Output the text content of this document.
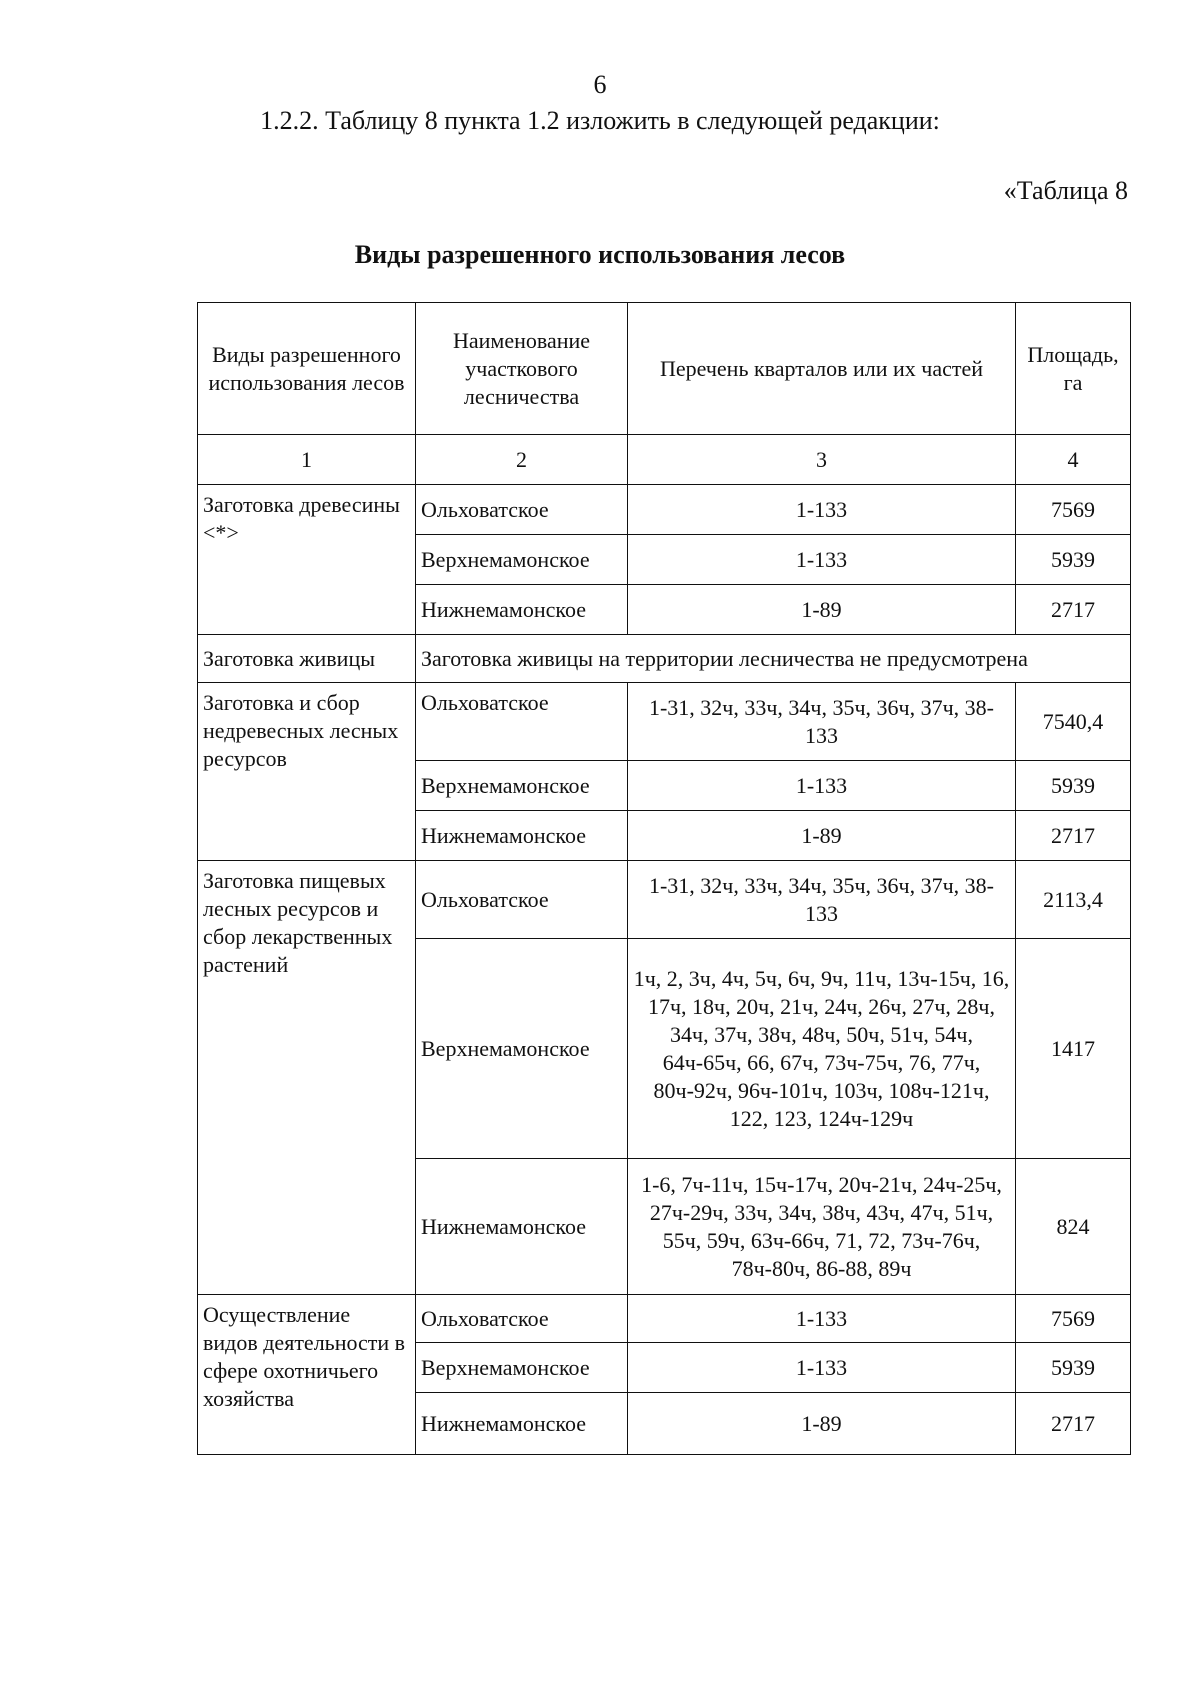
6
1.2.2. Таблицу 8 пункта 1.2 изложить в следующей редакции:
«Таблица 8
Виды разрешенного использования лесов
Виды разрешенного использования лесов	Наименование участкового лесничества	Перечень кварталов или их частей	Площадь, га
1	2	3	4
Заготовка древесины <*>	Ольховатское	1-133	7569
	Верхнемамонское	1-133	5939
	Нижнемамонское	1-89	2717
Заготовка живицы	Заготовка живицы на территории лесничества не предусмотрена		
Заготовка и сбор недревесных лесных ресурсов	Ольховатское	1-31, 32ч, 33ч, 34ч, 35ч, 36ч, 37ч, 38-133	7540,4
	Верхнемамонское	1-133	5939
	Нижнемамонское	1-89	2717
Заготовка пищевых лесных ресурсов и сбор лекарственных растений	Ольховатское	1-31, 32ч, 33ч, 34ч, 35ч, 36ч, 37ч, 38-133	2113,4
	Верхнемамонское	1ч, 2, 3ч, 4ч, 5ч, 6ч, 9ч, 11ч, 13ч-15ч, 16, 17ч, 18ч, 20ч, 21ч, 24ч, 26ч, 27ч, 28ч, 34ч, 37ч, 38ч, 48ч, 50ч, 51ч, 54ч, 64ч-65ч, 66, 67ч, 73ч-75ч, 76, 77ч, 80ч-92ч, 96ч-101ч, 103ч, 108ч-121ч, 122, 123, 124ч-129ч	1417
	Нижнемамонское	1-6, 7ч-11ч, 15ч-17ч, 20ч-21ч, 24ч-25ч, 27ч-29ч, 33ч, 34ч, 38ч, 43ч, 47ч, 51ч, 55ч, 59ч, 63ч-66ч, 71, 72, 73ч-76ч, 78ч-80ч, 86-88, 89ч	824
Осуществление видов деятельности в сфере охотничьего хозяйства	Ольховатское	1-133	7569
	Верхнемамонское	1-133	5939
	Нижнемамонское	1-89	2717
